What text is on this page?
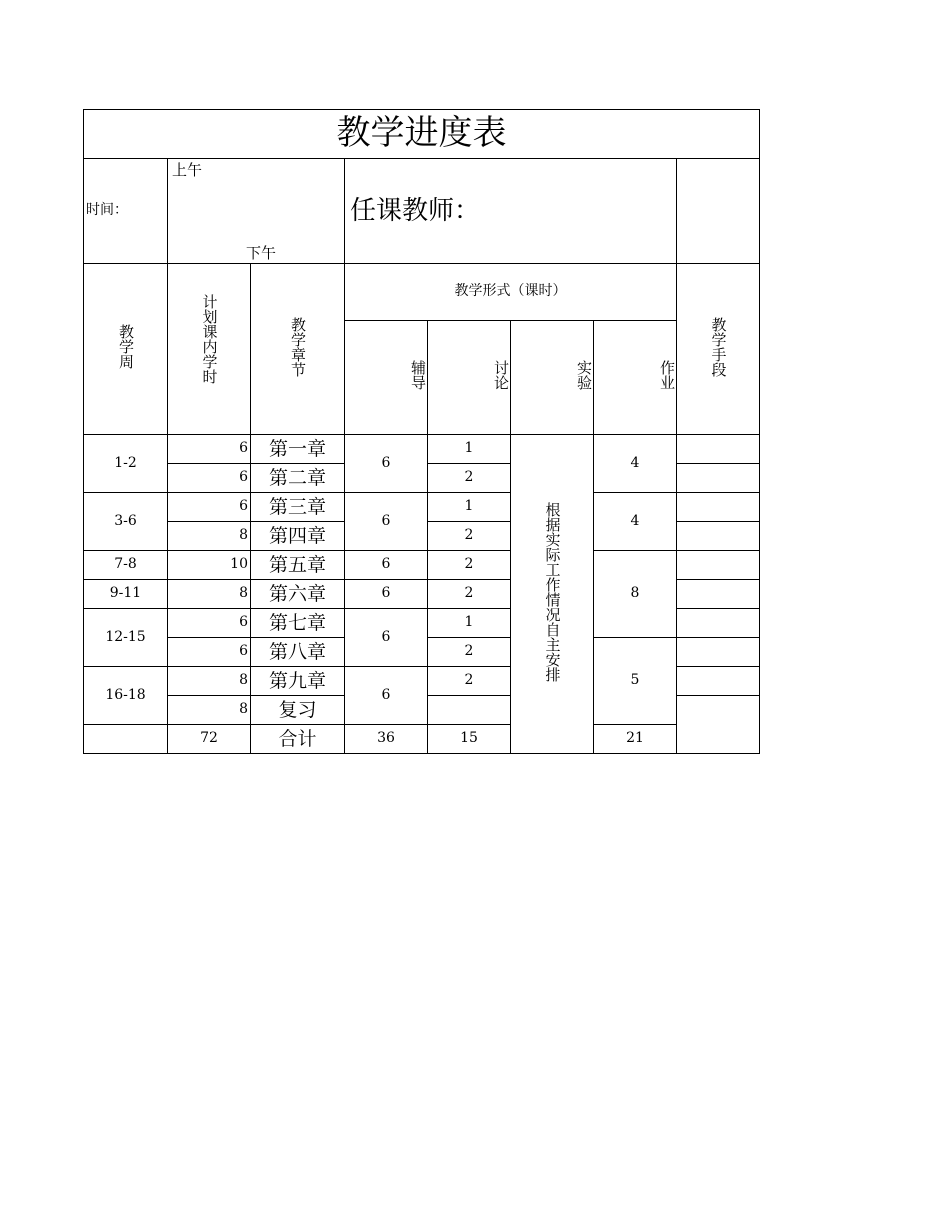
教学进度表							
时间：	上午
下午		任课教师：				
教学周	计划课内学时	教学章节	教学形式（课时）				教学手段
			辅导	讨论	实验	作业	
1-2	6	第一章	6	1	根据实际工作情况自主安排	4	
	6	第二章		2			
3-6	6	第三章	6	1		4	
	8	第四章		2			
7-8	10	第五章	6	2		8	
9-11	8	第六章	6	2			
12-15	6	第七章	6	1			
	6	第八章		2		5	
16-18	8	第九章	6	2			
	8	复习					
	72	合计	36	15		21	
